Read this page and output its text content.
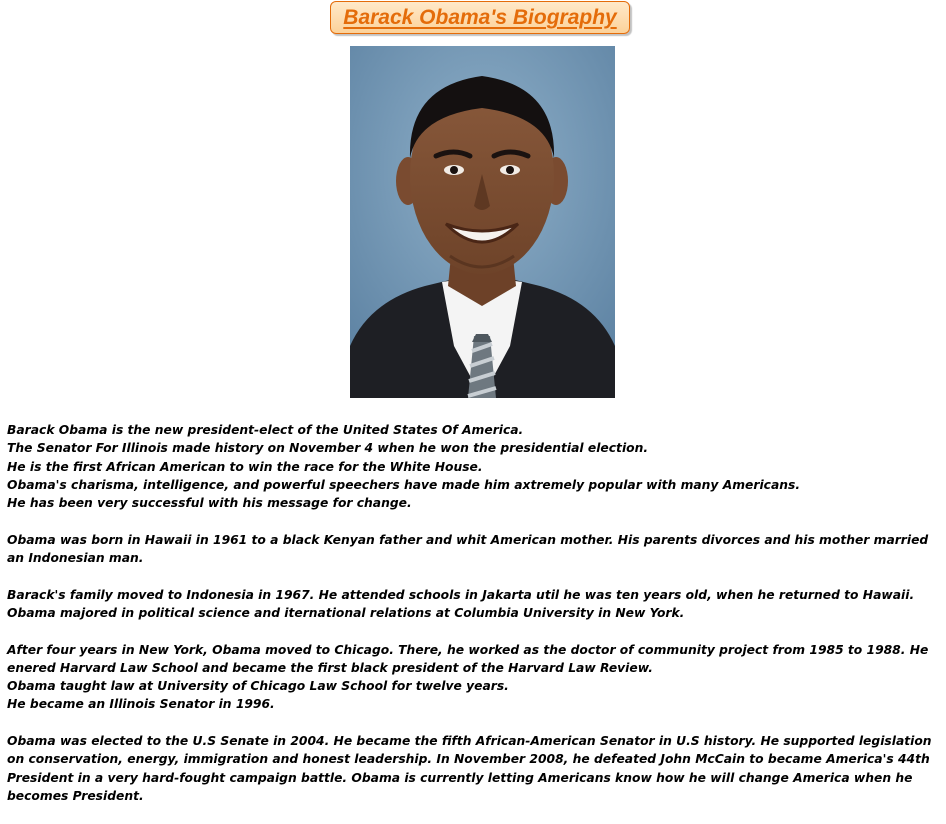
Barack Obama's Biography

Barack Obama is the new president-elect of the United States Of America.
The Senator For Illinois made history on November 4 when he won the presidential election.
He is the first African American to win the race for the White House.
Obama's charisma, intelligence, and powerful speechers have made him axtremely popular with many Americans.
He has been very successful with his message for change.

Obama was born in Hawaii in 1961 to a black Kenyan father and whit American mother. His parents divorces and his mother married an Indonesian man.

Barack's family moved to Indonesia in 1967. He attended schools in Jakarta util he was ten years old, when he returned to Hawaii.
Obama majored in political science and iternational relations at Columbia University in New York.

After four years in New York, Obama moved to Chicago. There, he worked as the doctor of community project from 1985 to 1988. He enered Harvard Law School and became the first black president of the Harvard Law Review.
Obama taught law at University of Chicago Law School for twelve years.
He became an Illinois Senator in 1996.

Obama was elected to the U.S Senate in 2004. He became the fifth African-American Senator in U.S history. He supported legislation on conservation, energy, immigration and honest leadership. In November 2008, he defeated John McCain to became America's 44th President in a very hard-fought campaign battle. Obama is currently letting Americans know how he will change America when he becomes President.
